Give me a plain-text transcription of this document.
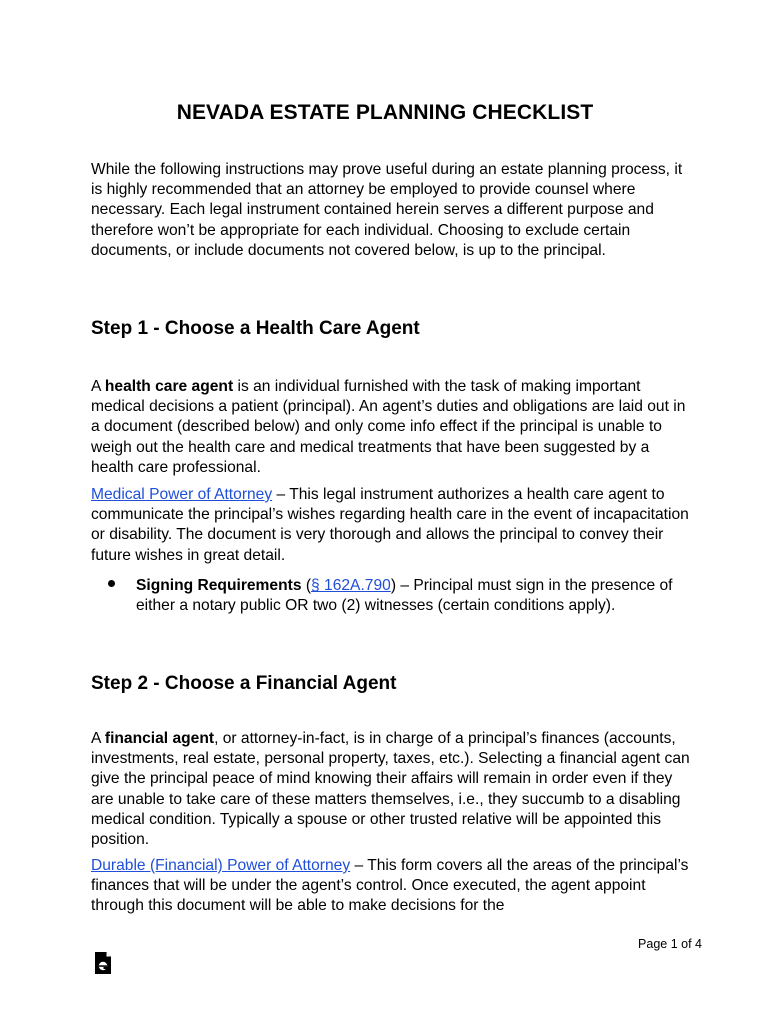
NEVADA ESTATE PLANNING CHECKLIST

While the following instructions may prove useful during an estate planning process, it is highly recommended that an attorney be employed to provide counsel where necessary. Each legal instrument contained herein serves a different purpose and therefore won’t be appropriate for each individual. Choosing to exclude certain documents, or include documents not covered below, is up to the principal.

Step 1 - Choose a Health Care Agent

A health care agent is an individual furnished with the task of making important medical decisions a patient (principal). An agent’s duties and obligations are laid out in a document (described below) and only come info effect if the principal is unable to weigh out the health care and medical treatments that have been suggested by a health care professional.

Medical Power of Attorney – This legal instrument authorizes a health care agent to communicate the principal’s wishes regarding health care in the event of incapacitation or disability. The document is very thorough and allows the principal to convey their future wishes in great detail.

Signing Requirements (§ 162A.790) – Principal must sign in the presence of either a notary public OR two (2) witnesses (certain conditions apply).

Step 2 - Choose a Financial Agent

A financial agent, or attorney-in-fact, is in charge of a principal’s finances (accounts, investments, real estate, personal property, taxes, etc.). Selecting a financial agent can give the principal peace of mind knowing their affairs will remain in order even if they are unable to take care of these matters themselves, i.e., they succumb to a disabling medical condition. Typically a spouse or other trusted relative will be appointed this position.

Durable (Financial) Power of Attorney – This form covers all the areas of the principal’s finances that will be under the agent’s control. Once executed, the agent appoint through this document will be able to make decisions for the

Page 1 of 4
